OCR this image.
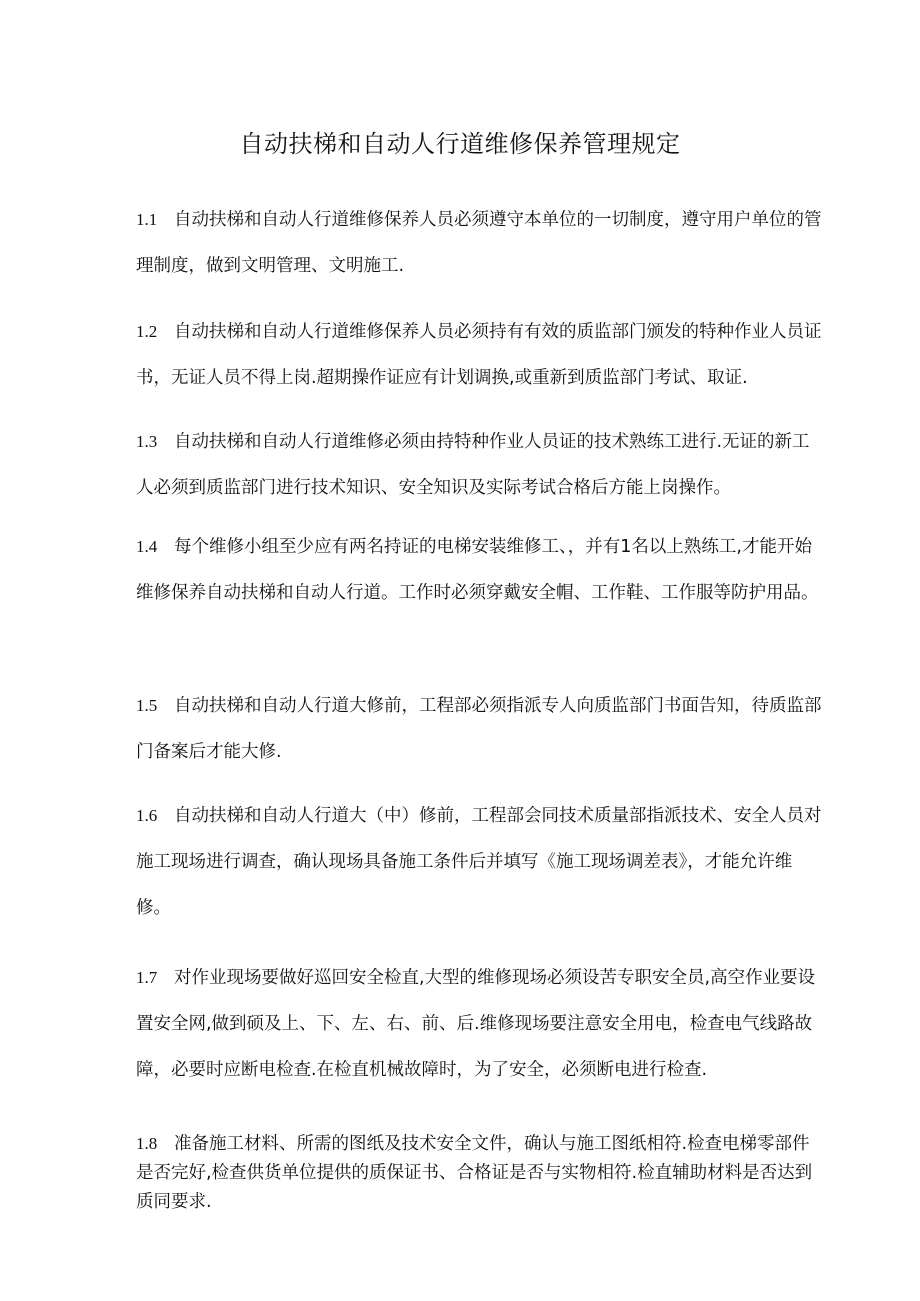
自动扶梯和自动人行道维修保养管理规定

1.1 自动扶梯和自动人行道维修保养人员必须遵守本单位的一切制度，遵守用户单位的管理制度，做到文明管理、文明施工.

1.2 自动扶梯和自动人行道维修保养人员必须持有有效的质监部门颁发的特种作业人员证书，无证人员不得上岗.超期操作证应有计划调换,或重新到质监部门考试、取证.

1.3 自动扶梯和自动人行道维修必须由持特种作业人员证的技术熟练工进行.无证的新工人必须到质监部门进行技术知识、安全知识及实际考试合格后方能上岗操作。

1.4 每个维修小组至少应有两名持证的电梯安装维修工、，并有1名以上熟练工,才能开始维修保养自动扶梯和自动人行道。工作时必须穿戴安全帽、工作鞋、工作服等防护用品。

1.5 自动扶梯和自动人行道大修前，工程部必须指派专人向质监部门书面告知，待质监部门备案后才能大修.

1.6 自动扶梯和自动人行道大（中）修前，工程部会同技术质量部指派技术、安全人员对施工现场进行调查，确认现场具备施工条件后并填写《施工现场调差表》，才能允许维修。

1.7 对作业现场要做好巡回安全检直,大型的维修现场必须设苦专职安全员,高空作业要设置安全网,做到硕及上、下、左、右、前、后.维修现场要注意安全用电，检查电气线路故障，必要时应断电检查.在检直机械故障时，为了安全，必须断电进行检查.

1.8 准备施工材料、所需的图纸及技术安全文件，确认与施工图纸相符.检查电梯零部件是否完好,检查供货单位提供的质保证书、合格证是否与实物相符.检直辅助材料是否达到质同要求.
